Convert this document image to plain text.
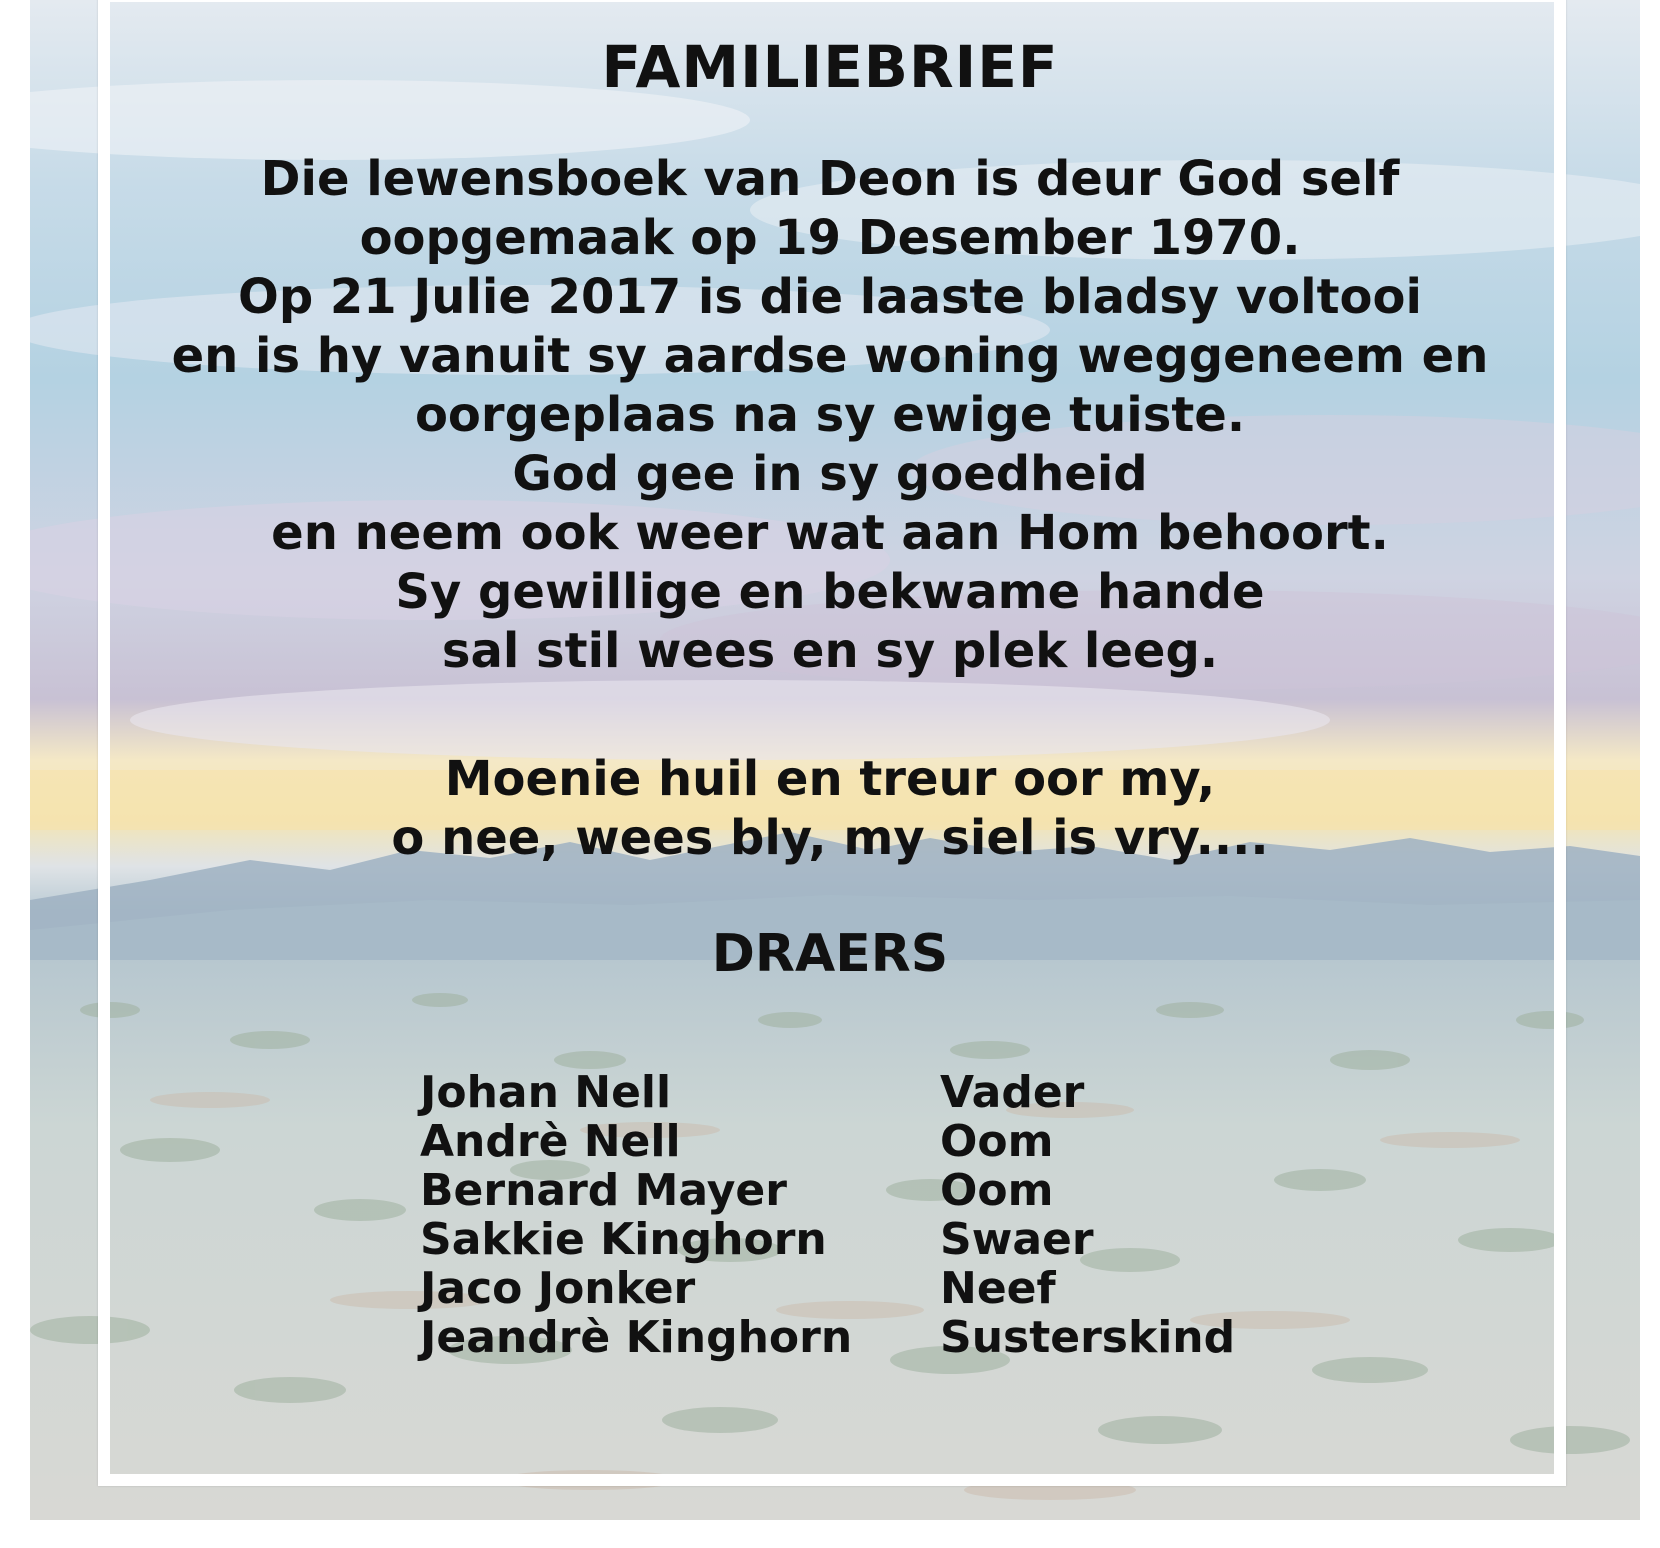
FAMILIEBRIEF
Die lewensboek van Deon is deur God self
oopgemaak op 19 Desember 1970.
Op 21 Julie 2017 is die laaste bladsy voltooi
en is hy vanuit sy aardse woning weggeneem en
oorgeplaas na sy ewige tuiste.
God gee in sy goedheid
en neem ook weer wat aan Hom behoort.
Sy gewillige en bekwame hande
sal stil wees en sy plek leeg.
Moenie huil en treur oor my,
o nee, wees bly, my siel is vry....
DRAERS
Johan Nell	Vader
Andrè Nell	Oom
Bernard Mayer	Oom
Sakkie Kinghorn	Swaer
Jaco Jonker	Neef
Jeandrè Kinghorn	Susterskind
